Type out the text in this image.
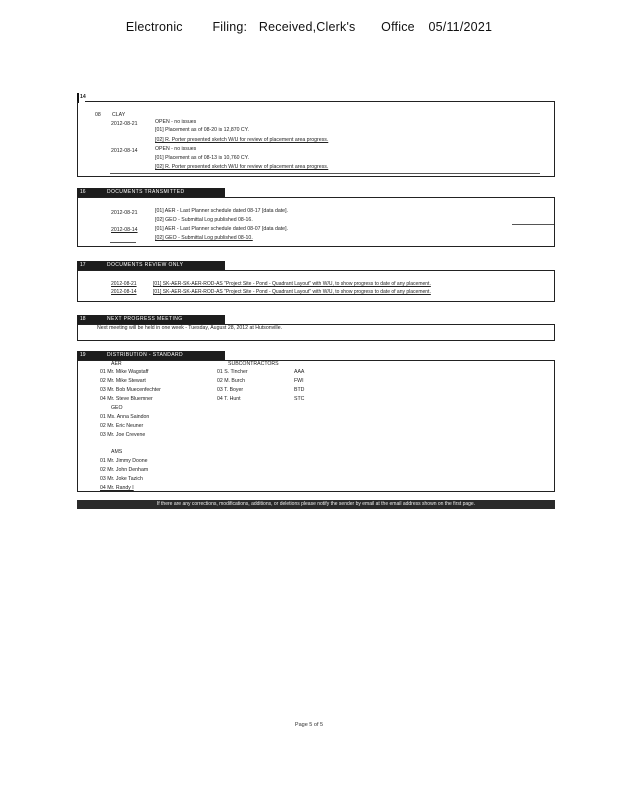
Electronic Filing: Received,Clerk's Office 05/11/2021
14
08 CLAY
2012-08-21	OPEN - no issues
[01] Placement as of 08-20 is 12,870 CY.
[02] R. Porter presented sketch W/U for review of placement area progress.
2012-08-14	OPEN - no issues
[01] Placement as of 08-13 is 10,760 CY.
[02] R. Porter presented sketch W/U for review of placement area progress.
16	DOCUMENTS TRANSMITTED
2012-08-21	[01] AER - Last Planner schedule dated 08-17 [data date].
[02] GEO - Submittal Log published 08-16.
2012-08-14	[01] AER - Last Planner schedule dated 08-07 [data date].
[02] GEO - Submittal Log published 08-10.
17	DOCUMENTS REVIEW ONLY
2012-08-21	[01] SK-AER-SK-AER-ROD-AS "Project Site - Pond - Quadrant Layout" with W/U, to show progress to date of any placement.
2012-08-14	[01] SK-AER-SK-AER-ROD-AS "Project Site - Pond - Quadrant Layout" with W/U, to show progress to date of any placement.
18	NEXT PROGRESS MEETING
Next meeting will be held in one week - Tuesday, August 28, 2012 at Hutsonville.
19	DISTRIBUTION - STANDARD
AER
01 Mr. Mike Wagstaff
02 Mr. Mike Stewart
03 Mr. Bob Muecenfechter
04 Mr. Steve Bluemner
GEO
01 Ms. Anna Saindon
02 Mr. Eric Neuner
03 Mr. Joe Crevene
AMS
01 Mr. Jimmy Doone
02 Mr. John Denham
03 Mr. Joke Tazich
04 Mr. Randy I
SUBCONTRACTORS
01 S. Tincher	AAA
02 M. Burch	FWI
03 T. Boyer	BTD
04 T. Hunt	STC
If there are any corrections, modifications, additions, or deletions please notify the sender by email at the email address shown on the first page.
Page 5 of 5
